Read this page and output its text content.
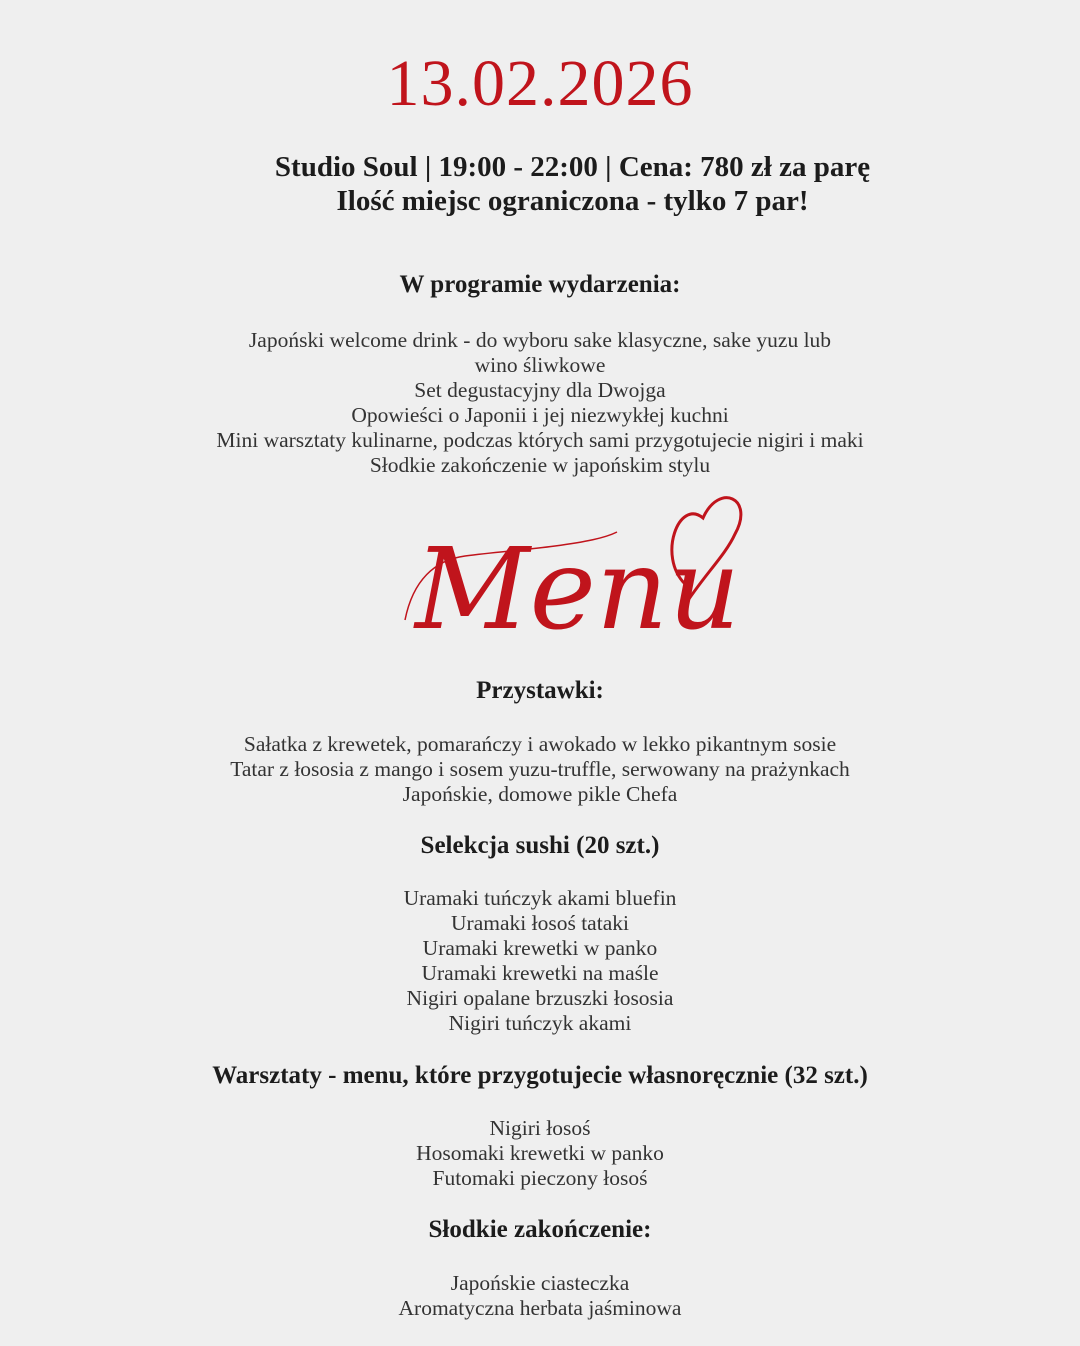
13.02.2026
Studio Soul | 19:00 - 22:00 | Cena: 780 zł za parę
Ilość miejsc ograniczona - tylko 7 par!
W programie wydarzenia:
Japoński welcome drink - do wyboru sake klasyczne, sake yuzu lub
wino śliwkowe
Set degustacyjny dla Dwojga
Opowieści o Japonii i jej niezwykłej kuchni
Mini warsztaty kulinarne, podczas których sami przygotujecie nigiri i maki
Słodkie zakończenie w japońskim stylu
Menu
Przystawki:
Sałatka z krewetek, pomarańczy i awokado w lekko pikantnym sosie
Tatar z łososia z mango i sosem yuzu-truffle, serwowany na prażynkach
Japońskie, domowe pikle Chefa
Selekcja sushi (20 szt.)
Uramaki tuńczyk akami bluefin
Uramaki łosoś tataki
Uramaki krewetki w panko
Uramaki krewetki na maśle
Nigiri opalane brzuszki łososia
Nigiri tuńczyk akami
Warsztaty - menu, które przygotujecie własnoręcznie (32 szt.)
Nigiri łosoś
Hosomaki krewetki w panko
Futomaki pieczony łosoś
Słodkie zakończenie:
Japońskie ciasteczka
Aromatyczna herbata jaśminowa
